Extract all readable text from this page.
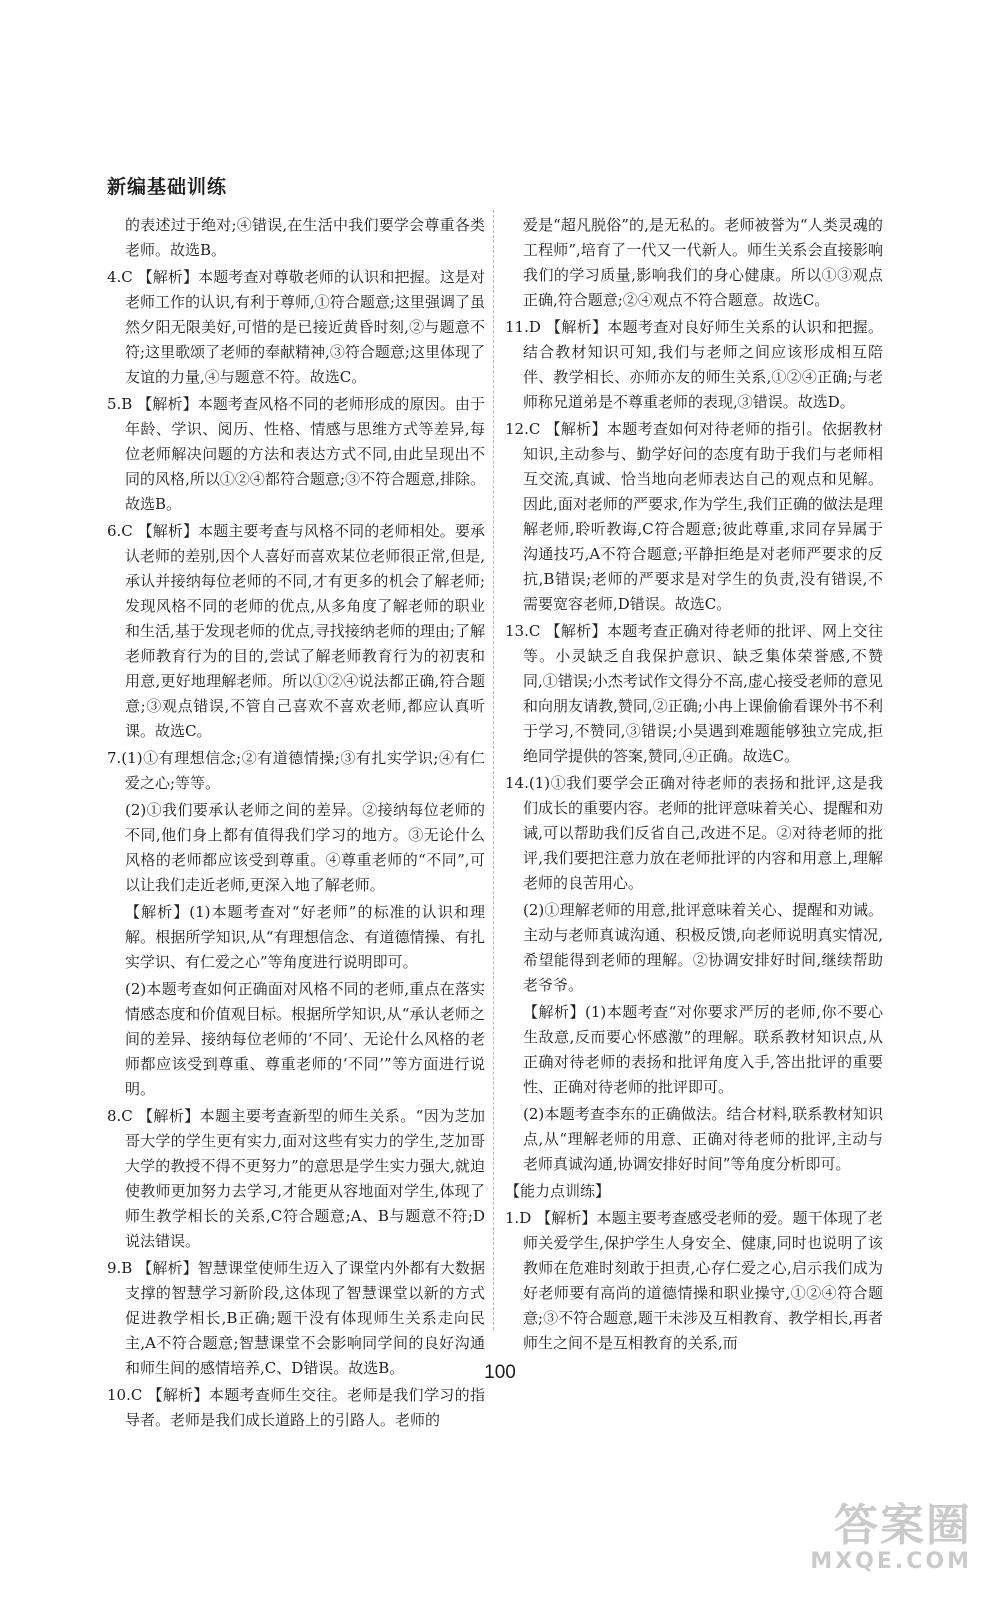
新编基础训练

的表述过于绝对;④错误,在生活中我们要学会尊重各类老师。故选B。

4.C 【解析】本题考查对尊敬老师的认识和把握。这是对老师工作的认识,有利于尊师,①符合题意;这里强调了虽然夕阳无限美好,可惜的是已接近黄昏时刻,②与题意不符;这里歌颂了老师的奉献精神,③符合题意;这里体现了友谊的力量,④与题意不符。故选C。

5.B 【解析】本题考查风格不同的老师形成的原因。由于年龄、学识、阅历、性格、情感与思维方式等差异,每位老师解决问题的方法和表达方式不同,由此呈现出不同的风格,所以①②④都符合题意;③不符合题意,排除。故选B。

6.C 【解析】本题主要考查与风格不同的老师相处。要承认老师的差别,因个人喜好而喜欢某位老师很正常,但是,承认并接纳每位老师的不同,才有更多的机会了解老师;发现风格不同的老师的优点,从多角度了解老师的职业和生活,基于发现老师的优点,寻找接纳老师的理由;了解老师教育行为的目的,尝试了解老师教育行为的初衷和用意,更好地理解老师。所以①②④说法都正确,符合题意;③观点错误,不管自己喜欢不喜欢老师,都应认真听课。故选C。

7.(1)①有理想信念;②有道德情操;③有扎实学识;④有仁爱之心;等等。

(2)①我们要承认老师之间的差异。②接纳每位老师的不同,他们身上都有值得我们学习的地方。③无论什么风格的老师都应该受到尊重。④尊重老师的“不同”,可以让我们走近老师,更深入地了解老师。

【解析】(1)本题考查对“好老师”的标准的认识和理解。根据所学知识,从“有理想信念、有道德情操、有扎实学识、有仁爱之心”等角度进行说明即可。

(2)本题考查如何正确面对风格不同的老师,重点在落实情感态度和价值观目标。根据所学知识,从“承认老师之间的差异、接纳每位老师的‘不同’、无论什么风格的老师都应该受到尊重、尊重老师的‘不同’”等方面进行说明。

8.C 【解析】本题主要考查新型的师生关系。“因为芝加哥大学的学生更有实力,面对这些有实力的学生,芝加哥大学的教授不得不更努力”的意思是学生实力强大,就迫使教师更加努力去学习,才能更从容地面对学生,体现了师生教学相长的关系,C符合题意;A、B与题意不符;D说法错误。

9.B 【解析】智慧课堂使师生迈入了课堂内外都有大数据支撑的智慧学习新阶段,这体现了智慧课堂以新的方式促进教学相长,B正确;题干没有体现师生关系走向民主,A不符合题意;智慧课堂不会影响同学间的良好沟通和师生间的感情培养,C、D错误。故选B。

10.C 【解析】本题考查师生交往。老师是我们学习的指导者。老师是我们成长道路上的引路人。老师的

爱是“超凡脱俗”的,是无私的。老师被誉为“人类灵魂的工程师”,培育了一代又一代新人。师生关系会直接影响我们的学习质量,影响我们的身心健康。所以①③观点正确,符合题意;②④观点不符合题意。故选C。

11.D 【解析】本题考查对良好师生关系的认识和把握。结合教材知识可知,我们与老师之间应该形成相互陪伴、教学相长、亦师亦友的师生关系,①②④正确;与老师称兄道弟是不尊重老师的表现,③错误。故选D。

12.C 【解析】本题考查如何对待老师的指引。依据教材知识,主动参与、勤学好问的态度有助于我们与老师相互交流,真诚、恰当地向老师表达自己的观点和见解。因此,面对老师的严要求,作为学生,我们正确的做法是理解老师,聆听教诲,C符合题意;彼此尊重,求同存异属于沟通技巧,A不符合题意;平静拒绝是对老师严要求的反抗,B错误;老师的严要求是对学生的负责,没有错误,不需要宽容老师,D错误。故选C。

13.C 【解析】本题考查正确对待老师的批评、网上交往等。小灵缺乏自我保护意识、缺乏集体荣誉感,不赞同,①错误;小杰考试作文得分不高,虚心接受老师的意见和向朋友请教,赞同,②正确;小冉上课偷偷看课外书不利于学习,不赞同,③错误;小昊遇到难题能够独立完成,拒绝同学提供的答案,赞同,④正确。故选C。

14.(1)①我们要学会正确对待老师的表扬和批评,这是我们成长的重要内容。老师的批评意味着关心、提醒和劝诫,可以帮助我们反省自己,改进不足。②对待老师的批评,我们要把注意力放在老师批评的内容和用意上,理解老师的良苦用心。

(2)①理解老师的用意,批评意味着关心、提醒和劝诫。主动与老师真诚沟通、积极反馈,向老师说明真实情况,希望能得到老师的理解。②协调安排好时间,继续帮助老爷爷。

【解析】(1)本题考查“对你要求严厉的老师,你不要心生敌意,反而要心怀感激”的理解。联系教材知识点,从正确对待老师的表扬和批评角度入手,答出批评的重要性、正确对待老师的批评即可。

(2)本题考查李东的正确做法。结合材料,联系教材知识点,从“理解老师的用意、正确对待老师的批评,主动与老师真诚沟通,协调安排好时间”等角度分析即可。

【能力点训练】

1.D 【解析】本题主要考查感受老师的爱。题干体现了老师关爱学生,保护学生人身安全、健康,同时也说明了该教师在危难时刻敢于担责,心存仁爱之心,启示我们成为好老师要有高尚的道德情操和职业操守,①②④符合题意;③不符合题意,题干未涉及互相教育、教学相长,再者师生之间不是互相教育的关系,而

100
答案圈
MXQE.COM
